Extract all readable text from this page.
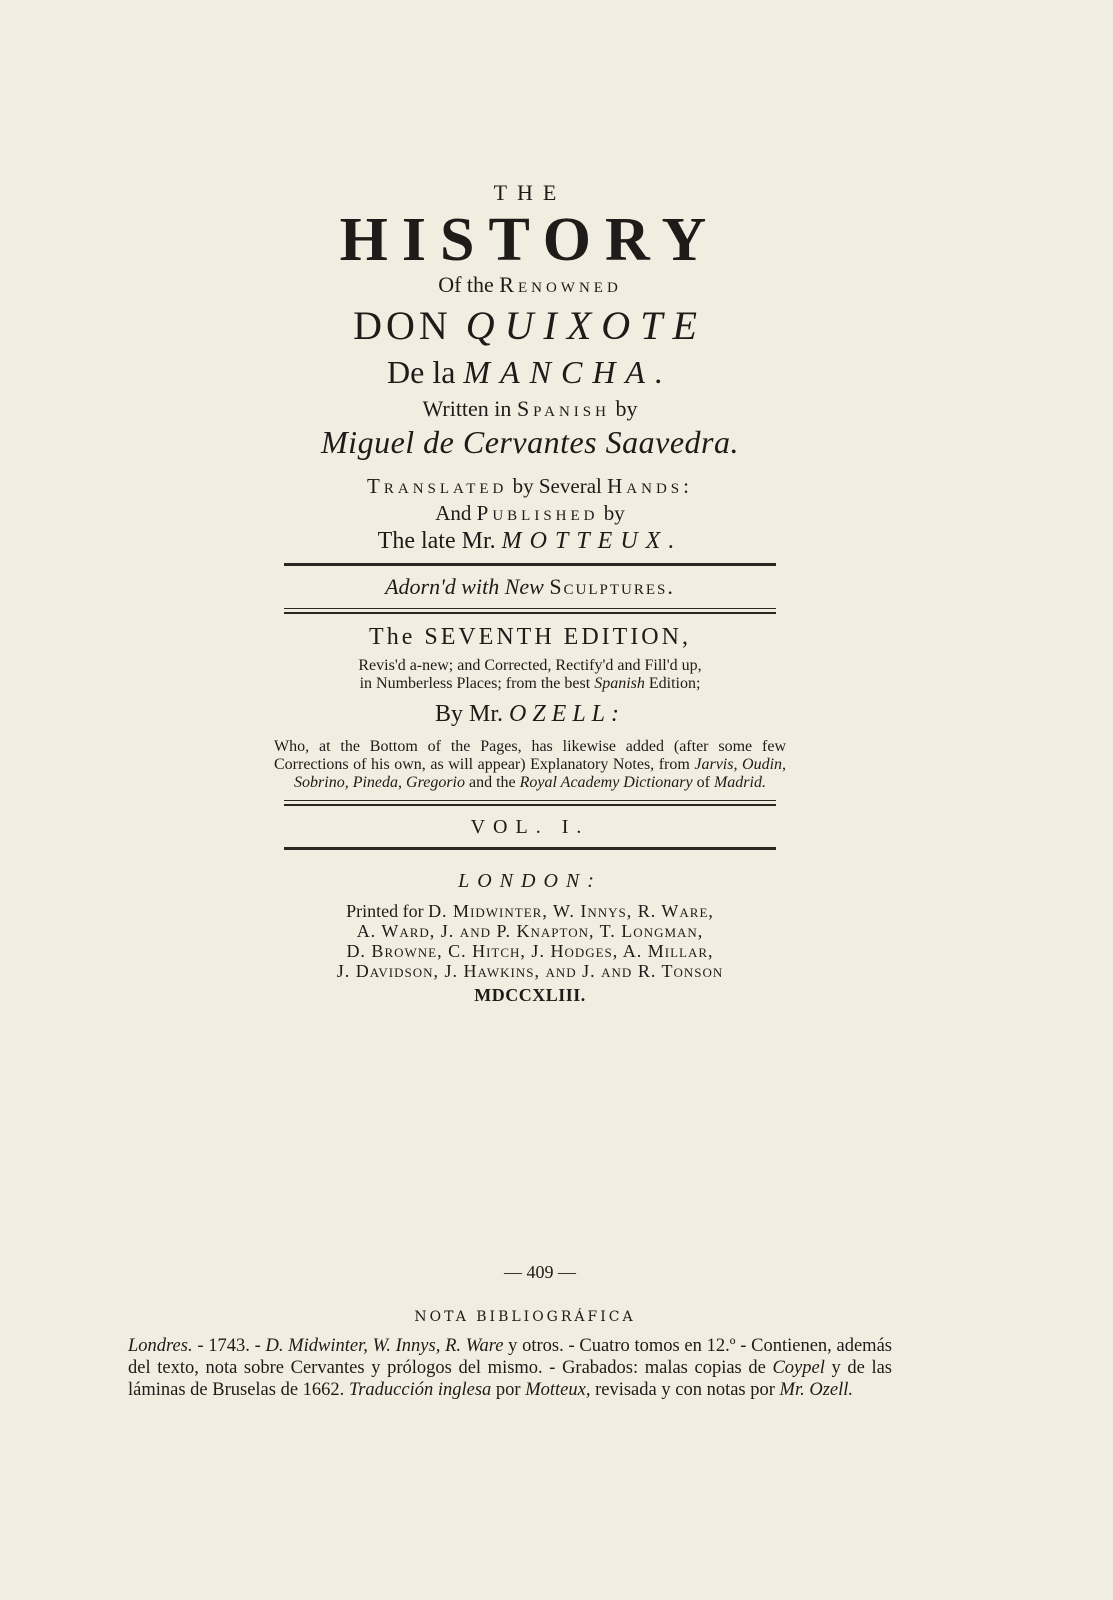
THE
HISTORY
Of the Renowned
DON QUIXOTE
De la MANCHA.
Written in Spanish by
Miguel de Cervantes Saavedra.
Translated by Several Hands:
And Published by
The late Mr. MOTTEUX.
Adorn'd with New Sculptures.
The SEVENTH EDITION,
Revis'd a-new; and Corrected, Rectify'd and Fill'd up,
in Numberless Places; from the best Spanish Edition;
By Mr. OZELL:
Who, at the Bottom of the Pages, has likewise added (after some few Corrections of his own, as will appear) Explanatory Notes, from Jarvis, Oudin, Sobrino, Pineda, Gregorio and the Royal Academy Dictionary of Madrid.
VOL. I.
LONDON:
Printed for D. Midwinter, W. Innys, R. Ware,
A. Ward, J. and P. Knapton, T. Longman,
D. Browne, C. Hitch, J. Hodges, A. Millar,
J. Davidson, J. Hawkins, and J. and R. Tonson
MDCCXLIII.
— 409 —
NOTA BIBLIOGRÁFICA
Londres. - 1743. - D. Midwinter, W. Innys, R. Ware y otros. - Cuatro tomos en 12.º - Contienen, además del texto, nota sobre Cervantes y prólogos del mismo. - Grabados: malas copias de Coypel y de las láminas de Bruselas de 1662. Traducción inglesa por Motteux, revisada y con notas por Mr. Ozell.
